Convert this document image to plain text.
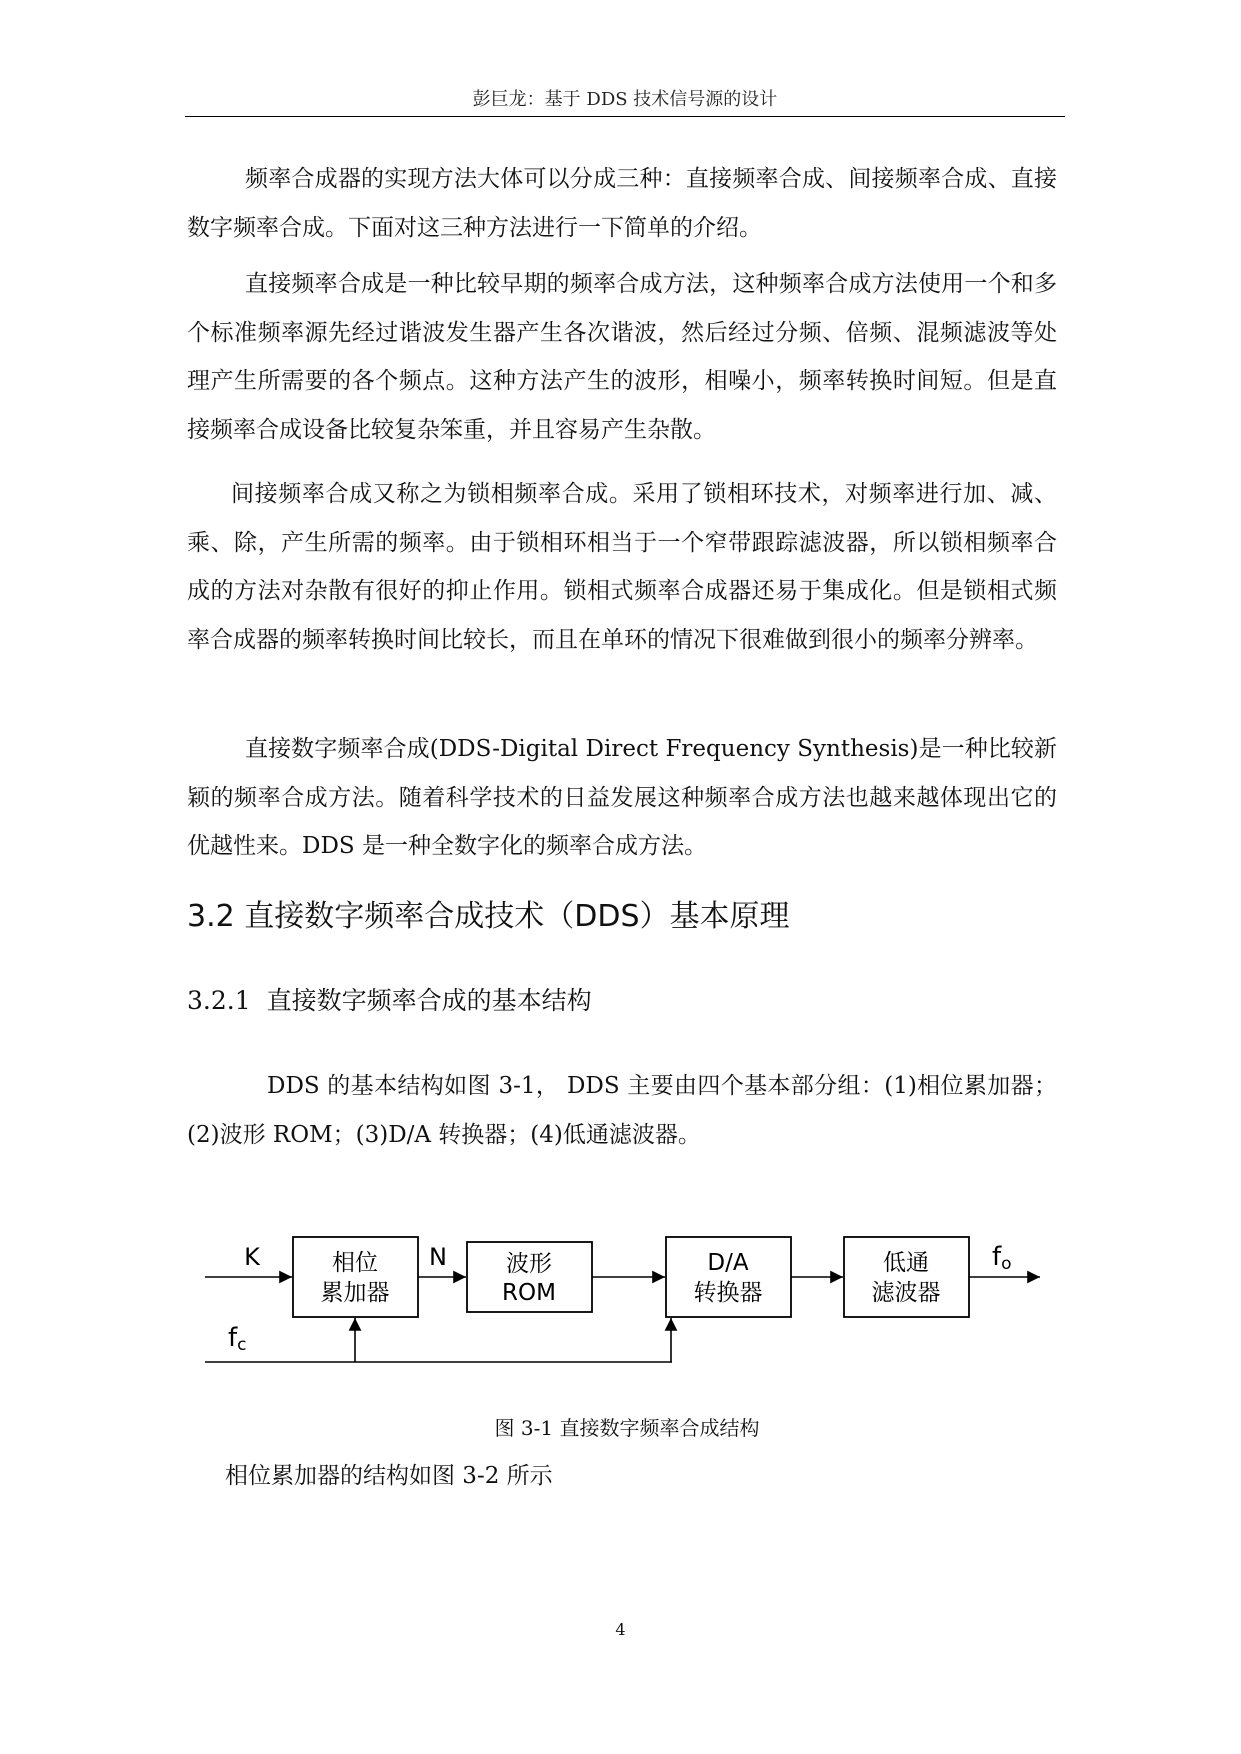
彭巨龙：基于 DDS 技术信号源的设计

频率合成器的实现方法大体可以分成三种：直接频率合成、间接频率合成、直接数字频率合成。下面对这三种方法进行一下简单的介绍。

直接频率合成是一种比较早期的频率合成方法，这种频率合成方法使用一个和多个标准频率源先经过谐波发生器产生各次谐波，然后经过分频、倍频、混频滤波等处理产生所需要的各个频点。这种方法产生的波形，相噪小，频率转换时间短。但是直接频率合成设备比较复杂笨重，并且容易产生杂散。

间接频率合成又称之为锁相频率合成。采用了锁相环技术，对频率进行加、减、乘、除，产生所需的频率。由于锁相环相当于一个窄带跟踪滤波器，所以锁相频率合成的方法对杂散有很好的抑止作用。锁相式频率合成器还易于集成化。但是锁相式频率合成器的频率转换时间比较长，而且在单环的情况下很难做到很小的频率分辨率。

直接数字频率合成(DDS-Digital Direct Frequency Synthesis)是一种比较新颖的频率合成方法。随着科学技术的日益发展这种频率合成方法也越来越体现出它的优越性来。DDS 是一种全数字化的频率合成方法。

3.2 直接数字频率合成技术（DDS）基本原理
3.2.1 直接数字频率合成的基本结构

DDS 的基本结构如图 3-1， DDS 主要由四个基本部分组：(1)相位累加器；(2)波形 ROM；(3)D/A 转换器；(4)低通滤波器。

K	相位
累加器
N	波形
ROM
D/A
转换器
低通
滤波器
fo
fc
图 3-1 直接数字频率合成结构
相位累加器的结构如图 3-2 所示
4
